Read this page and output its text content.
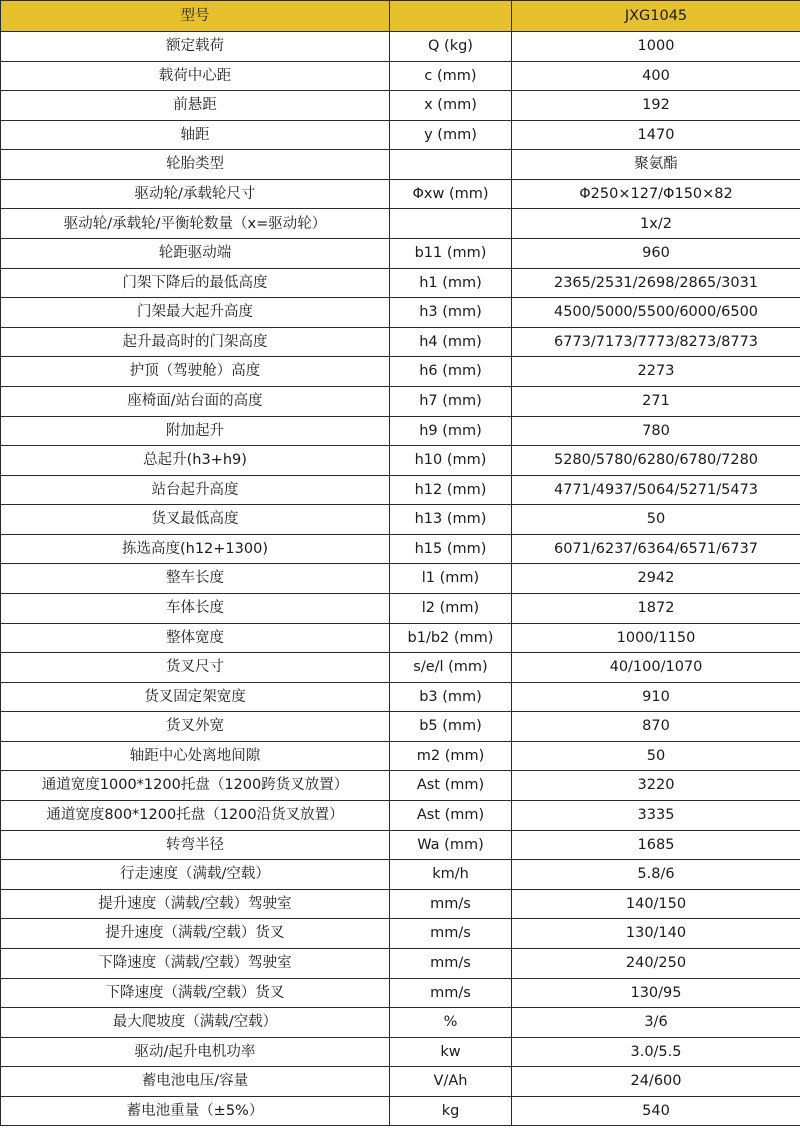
型号		JXG1045
额定载荷	Q (kg)	1000
载荷中心距	c (mm)	400
前悬距	x (mm)	192
轴距	y (mm)	1470
轮胎类型		聚氨酯
驱动轮/承载轮尺寸	Φxw (mm)	Φ250×127/Φ150×82
驱动轮/承载轮/平衡轮数量（x=驱动轮）		1x/2
轮距驱动端	b11 (mm)	960
门架下降后的最低高度	h1 (mm)	2365/2531/2698/2865/3031
门架最大起升高度	h3 (mm)	4500/5000/5500/6000/6500
起升最高时的门架高度	h4 (mm)	6773/7173/7773/8273/8773
护顶（驾驶舱）高度	h6 (mm)	2273
座椅面/站台面的高度	h7 (mm)	271
附加起升	h9 (mm)	780
总起升(h3+h9)	h10 (mm)	5280/5780/6280/6780/7280
站台起升高度	h12 (mm)	4771/4937/5064/5271/5473
货叉最低高度	h13 (mm)	50
拣选高度(h12+1300)	h15 (mm)	6071/6237/6364/6571/6737
整车长度	l1 (mm)	2942
车体长度	l2 (mm)	1872
整体宽度	b1/b2 (mm)	1000/1150
货叉尺寸	s/e/l (mm)	40/100/1070
货叉固定架宽度	b3 (mm)	910
货叉外宽	b5 (mm)	870
轴距中心处离地间隙	m2 (mm)	50
通道宽度1000*1200托盘（1200跨货叉放置）	Ast (mm)	3220
通道宽度800*1200托盘（1200沿货叉放置）	Ast (mm)	3335
转弯半径	Wa (mm)	1685
行走速度（满载/空载）	km/h	5.8/6
提升速度（满载/空载）驾驶室	mm/s	140/150
提升速度（满载/空载）货叉	mm/s	130/140
下降速度（满载/空载）驾驶室	mm/s	240/250
下降速度（满载/空载）货叉	mm/s	130/95
最大爬坡度（满载/空载）	%	3/6
驱动/起升电机功率	kw	3.0/5.5
蓄电池电压/容量	V/Ah	24/600
蓄电池重量（±5%）	kg	540
